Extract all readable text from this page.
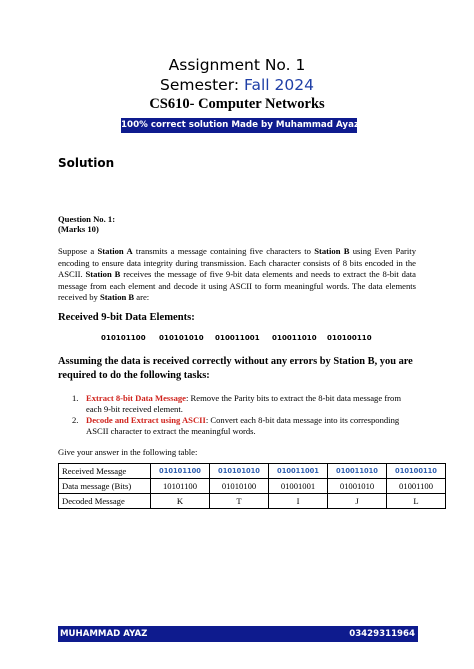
Assignment No. 1
Semester: Fall 2024
CS610- Computer Networks
100% correct solution Made by Muhammad Ayaz
Solution
Question No. 1:
(Marks 10)
Suppose a Station A transmits a message containing five characters to Station B using Even Parity encoding to ensure data integrity during transmission. Each character consists of 8 bits encoded in the ASCII. Station B receives the message of five 9-bit data elements and needs to extract the 8-bit data message from each element and decode it using ASCII to form meaningful words. The data elements received by Station B are:
Received 9-bit Data Elements:
010101100 010101010 010011001 010011010 010100110
Assuming the data is received correctly without any errors by Station B, you are required to do the following tasks:
1. Extract 8-bit Data Message: Remove the Parity bits to extract the 8-bit data message from each 9-bit received element.
2. Decode and Extract using ASCII: Convert each 8-bit data message into its corresponding ASCII character to extract the meaningful words.
Give your answer in the following table:
Received Message	010101100	010101010	010011001	010011010	010100110
Data message (Bits)	10101100	01010100	01001001	01001010	01001100
Decoded Message	K	T	I	J	L
MUHAMMAD AYAZ	03429311964
